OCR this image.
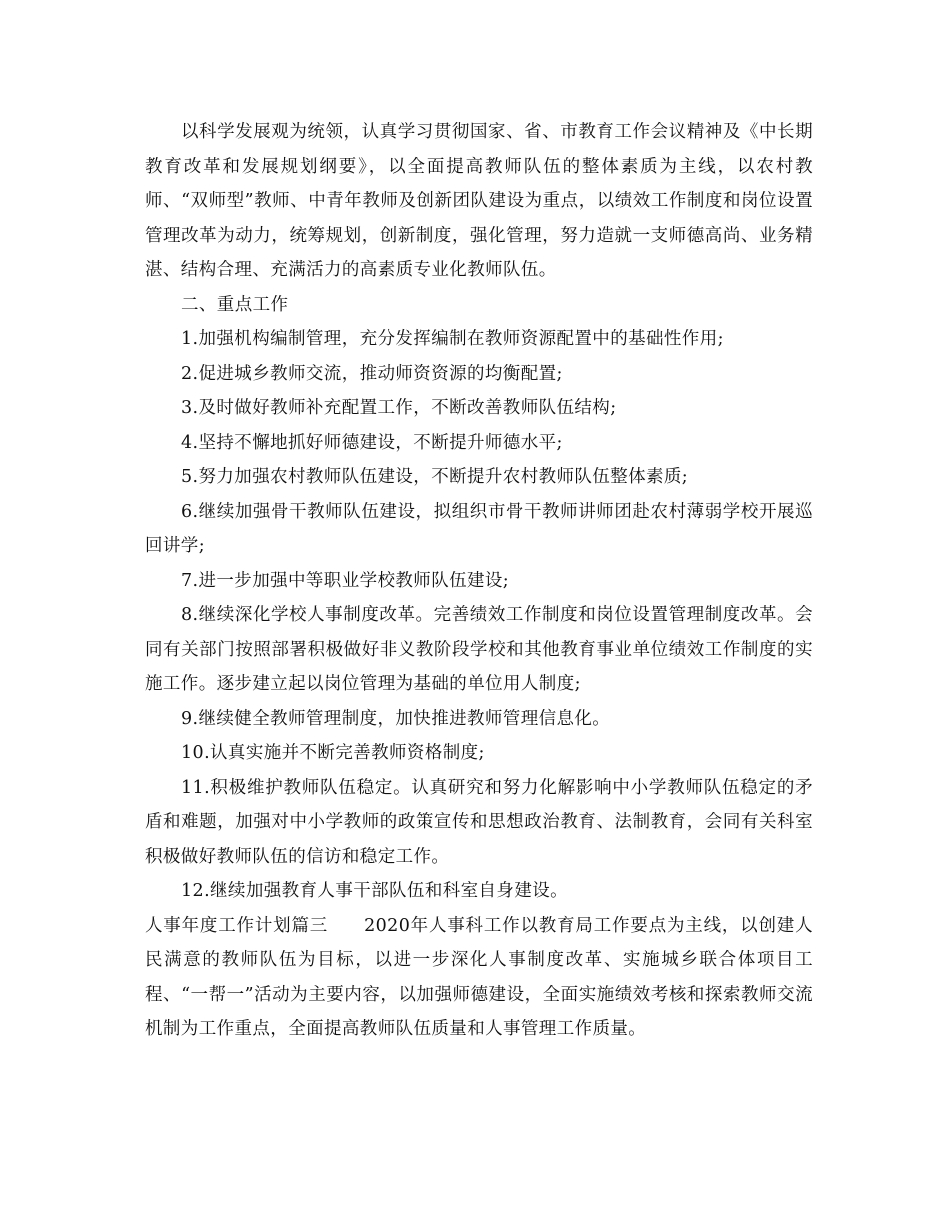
以科学发展观为统领，认真学习贯彻国家、省、市教育工作会议精神及《中长期教育改革和发展规划纲要》，以全面提高教师队伍的整体素质为主线，以农村教师、“双师型”教师、中青年教师及创新团队建设为重点，以绩效工作制度和岗位设置管理改革为动力，统筹规划，创新制度，强化管理，努力造就一支师德高尚、业务精湛、结构合理、充满活力的高素质专业化教师队伍。

二、重点工作

1.加强机构编制管理，充分发挥编制在教师资源配置中的基础性作用;

2.促进城乡教师交流，推动师资资源的均衡配置;

3.及时做好教师补充配置工作，不断改善教师队伍结构;

4.坚持不懈地抓好师德建设，不断提升师德水平;

5.努力加强农村教师队伍建设，不断提升农村教师队伍整体素质;

6.继续加强骨干教师队伍建设，拟组织市骨干教师讲师团赴农村薄弱学校开展巡回讲学;

7.进一步加强中等职业学校教师队伍建设;

8.继续深化学校人事制度改革。完善绩效工作制度和岗位设置管理制度改革。会同有关部门按照部署积极做好非义教阶段学校和其他教育事业单位绩效工作制度的实施工作。逐步建立起以岗位管理为基础的单位用人制度;

9.继续健全教师管理制度，加快推进教师管理信息化。

10.认真实施并不断完善教师资格制度;

11.积极维护教师队伍稳定。认真研究和努力化解影响中小学教师队伍稳定的矛盾和难题，加强对中小学教师的政策宣传和思想政治教育、法制教育，会同有关科室积极做好教师队伍的信访和稳定工作。

12.继续加强教育人事干部队伍和科室自身建设。

人事年度工作计划篇三 2020年人事科工作以教育局工作要点为主线，以创建人民满意的教师队伍为目标，以进一步深化人事制度改革、实施城乡联合体项目工程、“一帮一”活动为主要内容，以加强师德建设，全面实施绩效考核和探索教师交流机制为工作重点，全面提高教师队伍质量和人事管理工作质量。
